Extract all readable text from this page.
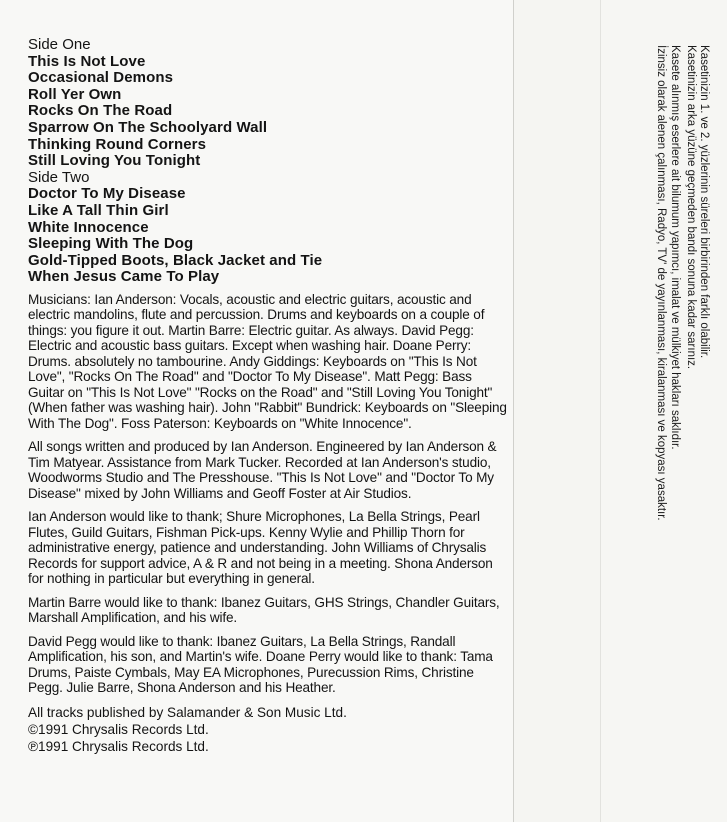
Side One
This Is Not Love
Occasional Demons
Roll Yer Own
Rocks On The Road
Sparrow On The Schoolyard Wall
Thinking Round Corners
Still Loving You Tonight
Side Two
Doctor To My Disease
Like A Tall Thin Girl
White Innocence
Sleeping With The Dog
Gold-Tipped Boots, Black Jacket and Tie
When Jesus Came To Play

Musicians: Ian Anderson: Vocals, acoustic and electric guitars, acoustic and electric mandolins, flute and percussion. Drums and keyboards on a couple of things: you figure it out. Martin Barre: Electric guitar. As always. David Pegg: Electric and acoustic bass guitars. Except when washing hair. Doane Perry: Drums. absolutely no tambourine. Andy Giddings: Keyboards on "This Is Not Love", "Rocks On The Road" and "Doctor To My Disease". Matt Pegg: Bass Guitar on "This Is Not Love" "Rocks on the Road" and "Still Loving You Tonight" (When father was washing hair). John "Rabbit" Bundrick: Keyboards on "Sleeping With The Dog". Foss Paterson: Keyboards on "White Innocence".

All songs written and produced by Ian Anderson. Engineered by Ian Anderson & Tim Matyear. Assistance from Mark Tucker. Recorded at Ian Anderson's studio, Woodworms Studio and The Presshouse. "This Is Not Love" and "Doctor To My Disease" mixed by John Williams and Geoff Foster at Air Studios.

Ian Anderson would like to thank; Shure Microphones, La Bella Strings, Pearl Flutes, Guild Guitars, Fishman Pick-ups. Kenny Wylie and Phillip Thorn for administrative energy, patience and understanding. John Williams of Chrysalis Records for support advice, A & R and not being in a meeting. Shona Anderson for nothing in particular but everything in general.

Martin Barre would like to thank: Ibanez Guitars, GHS Strings, Chandler Guitars, Marshall Amplification, and his wife.

David Pegg would like to thank: Ibanez Guitars, La Bella Strings, Randall Amplification, his son, and Martin's wife. Doane Perry would like to thank: Tama Drums, Paiste Cymbals, May EA Microphones, Purecussion Rims, Christine Pegg. Julie Barre, Shona Anderson and his Heather.

All tracks published by Salamander & Son Music Ltd.

©1991 Chrysalis Records Ltd.

℗1991 Chrysalis Records Ltd.

Kasetinizin 1. ve 2. yüzlerinin süreleri birbirinden farklı olabilir.
Kasetinizin arka yüzüne geçmeden bandı sonuna kadar sarınız.
Kasete alınmış eserlere ait bilumum yapımcı, imalat ve mülkiyet hakları saklıdır.
İzinsiz olarak alenen çalınması, Radyo, TV' de yayınlanması, kiralanması ve kopyası yasaktır.
